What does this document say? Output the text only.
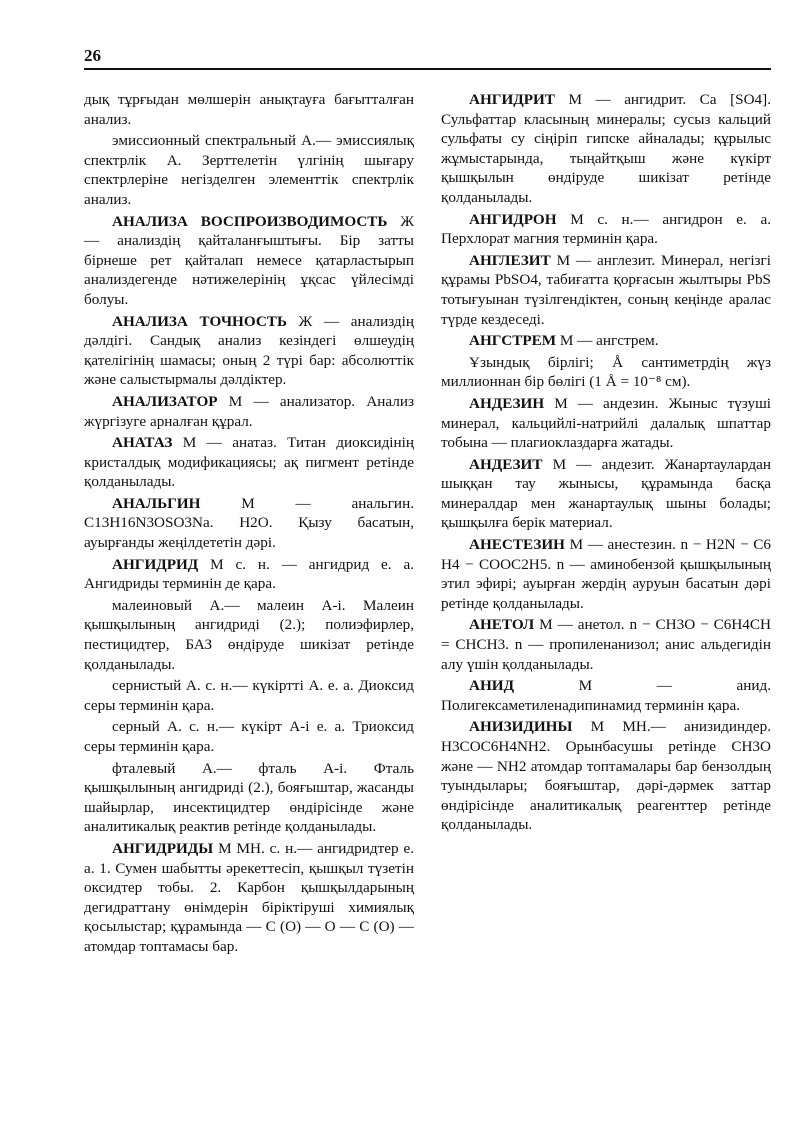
26

дық тұрғыдан мөлшерін анықтауға бағытталған анализ.

эмиссионный спектральный А.— эмиссиялық спектрлік А. Зерттелетін үлгінің шығару спектрлеріне негізделген элементтік спектрлік анализ.

АНАЛИЗА ВОСПРОИЗВОДИМОСТЬ Ж — анализдің қайталанғыштығы. Бір затты бірнеше рет қайталап немесе қатарластырып анализдегенде нәтижелерінің ұқсас үйлесімді болуы.

АНАЛИЗА ТОЧНОСТЬ Ж — анализдің дәлдігі. Сандық анализ кезіндегі өлшеудің қателігінің шамасы; оның 2 түрі бар: абсолюттік және салыстырмалы дәлдіктер.

АНАЛИЗАТОР М — анализатор. Анализ жүргізуге арналған құрал.

АНАТАЗ М — анатаз. Титан диоксидінің кристалдық модификациясы; ақ пигмент ретінде қолданылады.

АНАЛЬГИН М — анальгин. C13H16N3OSO3Na. H2O. Қызу басатын, ауырғанды жеңілдететін дәрі.

АНГИДРИД М с. н. — ангидрид е. а. Ангидриды терминін де қара.

малеиновый А.— малеин А-і. Малеин қышқылының ангидриді (2.); полиэфирлер, пестицидтер, БАЗ өндіруде шикізат ретінде қолданылады.

сернистый А. с. н.— күкіртті А. е. а. Диоксид серы терминін қара.

серный А. с. н.— күкірт А-і е. а. Триоксид серы терминін қара.

фталевый А.— фталь А-і. Фталь қышқылының ангидриді (2.), бояғыштар, жасанды шайырлар, инсектицидтер өндірісінде және аналитикалық реактив ретінде қолданылады.

АНГИДРИДЫ М МН. с. н.— ангидридтер е. а. 1. Сумен шабытты әрекеттесіп, қышқыл түзетін оксидтер тобы. 2. Карбон қышқылдарының дегидраттану өнімдерін біріктіруші химиялық қосылыстар; құрамында — C (O) — O — C (O) — атомдар топтамасы бар.

АНГИДРИТ М — ангидрит. Ca [SO4]. Сульфаттар класының минералы; сусыз кальций сульфаты су сіңіріп гипске айналады; құрылыс жұмыстарында, тыңайтқыш және күкірт қышқылын өндіруде шикізат ретінде қолданылады.

АНГИДРОН М с. н.— ангидрон е. а. Перхлорат магния терминін қара.

АНГЛЕЗИТ М — англезит. Минерал, негізгі құрамы PbSO4, табиғатта қорғасын жылтыры PbS тотығуынан түзілгендіктен, соның кеңінде аралас түрде кездеседі.

АНГСТРЕМ М — ангстрем.

Ұзындық бірлігі; Å сантиметрдің жүз миллионнан бір бөлігі (1 Å = 10⁻⁸ см).

АНДЕЗИН М — андезин. Жыныс түзуші минерал, кальцийлі-натрийлі далалық шпаттар тобына — плагиоклаздарға жатады.

АНДЕЗИТ М — андезит. Жанартаулардан шыққан тау жынысы, құрамында басқа минералдар мен жанартаулық шыны болады; қышқылға берік материал.

АНЕСТЕЗИН М — анестезин. n − H2N − C6 H4 − COOC2H5. n — аминобензой қышқылының этил эфирі; ауырған жердің ауруын басатын дәрі ретінде қолданылады.

АНЕТОЛ М — анетол. n − CH3O − C6H4CH = CHCH3. n — пропиленанизол; анис альдегидін алу үшін қолданылады.

АНИД М — анид. Полигексаметиленадипинамид терминін қара.

АНИЗИДИНЫ М МН.— анизидиндер. H3COC6H4NH2. Орынбасушы ретінде CH3O және — NH2 атомдар топтамалары бар бензолдың туындылары; бояғыштар, дәрі-дәрмек заттар өндірісінде аналитикалық реагенттер ретінде қолданылады.
